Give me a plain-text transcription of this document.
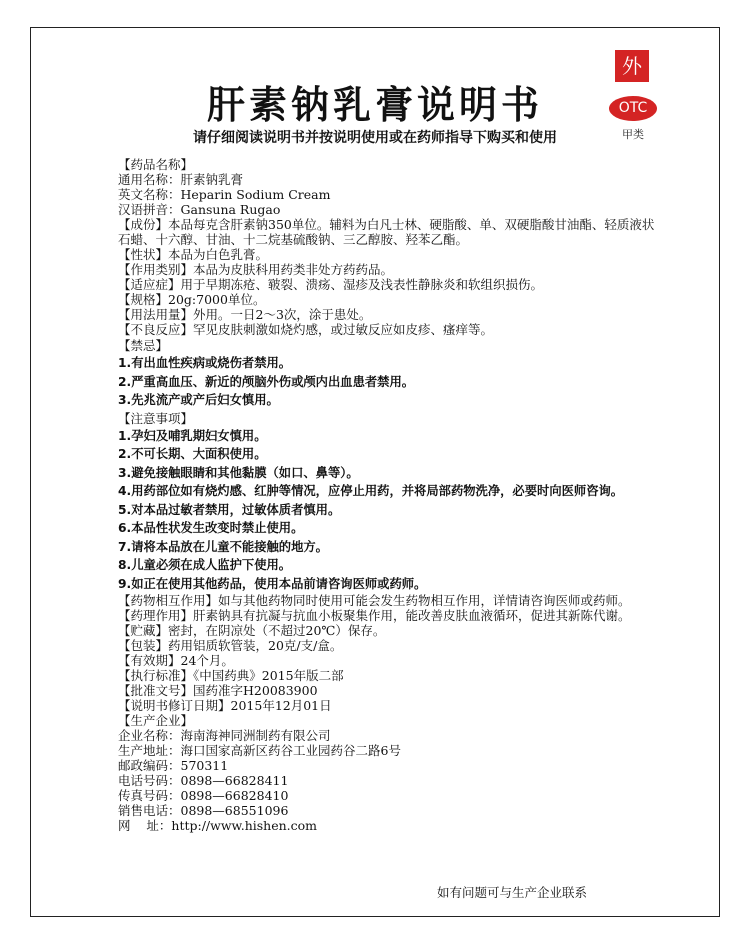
外
OTC
甲类
肝素钠乳膏说明书
请仔细阅读说明书并按说明使用或在药师指导下购买和使用

【药品名称】

通用名称：肝素钠乳膏

英文名称：Heparin Sodium Cream

汉语拼音：Gansuna Rugao

【成份】本品每克含肝素钠350单位。辅料为白凡士林、硬脂酸、单、双硬脂酸甘油酯、轻质液状石蜡、十六醇、甘油、十二烷基硫酸钠、三乙醇胺、羟苯乙酯。

【性状】本品为白色乳膏。

【作用类别】本品为皮肤科用药类非处方药药品。

【适应症】用于早期冻疮、皲裂、溃疡、湿疹及浅表性静脉炎和软组织损伤。

【规格】20g:7000单位。

【用法用量】外用。一日2～3次，涂于患处。

【不良反应】罕见皮肤刺激如烧灼感，或过敏反应如皮疹、瘙痒等。

【禁忌】

1.有出血性疾病或烧伤者禁用。

2.严重高血压、新近的颅脑外伤或颅内出血患者禁用。

3.先兆流产或产后妇女慎用。

【注意事项】

1.孕妇及哺乳期妇女慎用。

2.不可长期、大面积使用。

3.避免接触眼睛和其他黏膜（如口、鼻等）。

4.用药部位如有烧灼感、红肿等情况，应停止用药，并将局部药物洗净，必要时向医师咨询。

5.对本品过敏者禁用，过敏体质者慎用。

6.本品性状发生改变时禁止使用。

7.请将本品放在儿童不能接触的地方。

8.儿童必须在成人监护下使用。

9.如正在使用其他药品，使用本品前请咨询医师或药师。

【药物相互作用】如与其他药物同时使用可能会发生药物相互作用，详情请咨询医师或药师。

【药理作用】肝素钠具有抗凝与抗血小板聚集作用，能改善皮肤血液循环，促进其新陈代谢。

【贮藏】密封，在阴凉处（不超过20℃）保存。

【包装】药用铝质软管装，20克/支/盒。

【有效期】24个月。

【执行标准】《中国药典》2015年版二部

【批准文号】国药准字H20083900

【说明书修订日期】2015年12月01日

【生产企业】

企业名称：海南海神同洲制药有限公司

生产地址：海口国家高新区药谷工业园药谷二路6号

邮政编码：570311

电话号码：0898—66828411

传真号码：0898—66828410

销售电话：0898—68551096

网    址：http://www.hishen.com

如有问题可与生产企业联系
